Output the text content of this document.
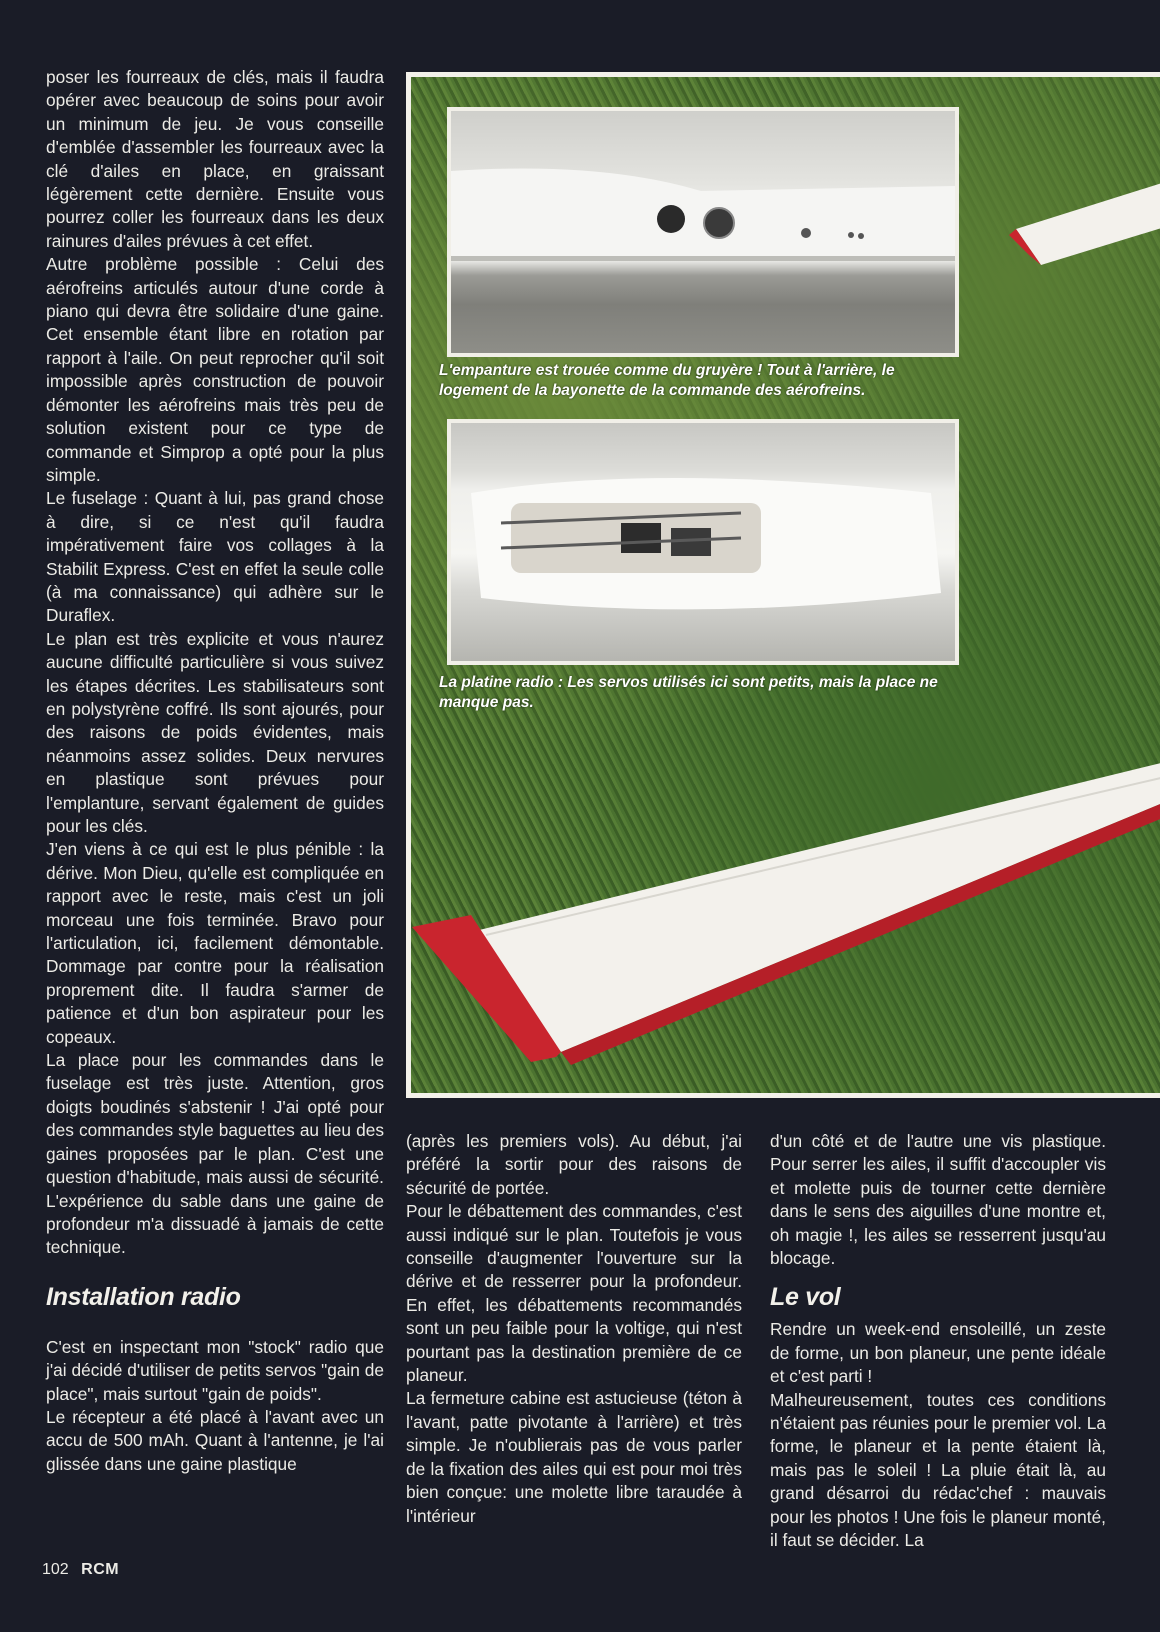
poser les fourreaux de clés, mais il faudra opérer avec beaucoup de soins pour avoir un minimum de jeu. Je vous conseille d'emblée d'assembler les fourreaux avec la clé d'ailes en place, en graissant légèrement cette dernière. Ensuite vous pourrez coller les fourreaux dans les deux rainures d'ailes prévues à cet effet.

Autre problème possible : Celui des aérofreins articulés autour d'une corde à piano qui devra être solidaire d'une gaine. Cet ensemble étant libre en rotation par rapport à l'aile. On peut reprocher qu'il soit impossible après construction de pouvoir démonter les aérofreins mais très peu de solution existent pour ce type de commande et Simprop a opté pour la plus simple.

Le fuselage : Quant à lui, pas grand chose à dire, si ce n'est qu'il faudra impérativement faire vos collages à la Stabilit Express. C'est en effet la seule colle (à ma connaissance) qui adhère sur le Duraflex.

Le plan est très explicite et vous n'aurez aucune difficulté particulière si vous suivez les étapes décrites. Les stabilisateurs sont en polystyrène coffré. Ils sont ajourés, pour des raisons de poids évidentes, mais néanmoins assez solides. Deux nervures en plastique sont prévues pour l'emplanture, servant également de guides pour les clés.

J'en viens à ce qui est le plus pénible : la dérive. Mon Dieu, qu'elle est compliquée en rapport avec le reste, mais c'est un joli morceau une fois terminée. Bravo pour l'articulation, ici, facilement démontable. Dommage par contre pour la réalisation proprement dite. Il faudra s'armer de patience et d'un bon aspirateur pour les copeaux.

La place pour les commandes dans le fuselage est très juste. Attention, gros doigts boudinés s'abstenir ! J'ai opté pour des commandes style baguettes au lieu des gaines proposées par le plan. C'est une question d'habitude, mais aussi de sécurité. L'expérience du sable dans une gaine de profondeur m'a dissuadé à jamais de cette technique.

Installation radio

C'est en inspectant mon "stock" radio que j'ai décidé d'utiliser de petits servos "gain de place", mais surtout "gain de poids".

Le récepteur a été placé à l'avant avec un accu de 500 mAh. Quant à l'antenne, je l'ai glissée dans une gaine plastique

L'empanture est trouée comme du gruyère ! Tout à l'arrière, le logement de la bayonette de la commande des aérofreins.
La platine radio : Les servos utilisés ici sont petits, mais la place ne manque pas.

(après les premiers vols). Au début, j'ai préféré la sortir pour des raisons de sécurité de portée.

Pour le débattement des commandes, c'est aussi indiqué sur le plan. Toutefois je vous conseille d'augmenter l'ouverture sur la dérive et de resserrer pour la profondeur. En effet, les débattements recommandés sont un peu faible pour la voltige, qui n'est pourtant pas la destination première de ce planeur.

La fermeture cabine est astucieuse (téton à l'avant, patte pivotante à l'arrière) et très simple. Je n'oublierais pas de vous parler de la fixation des ailes qui est pour moi très bien conçue: une molette libre taraudée à l'intérieur

d'un côté et de l'autre une vis plastique. Pour serrer les ailes, il suffit d'accoupler vis et molette puis de tourner cette dernière dans le sens des aiguilles d'une montre et, oh magie !, les ailes se resserrent jusqu'au blocage.

Le vol

Rendre un week-end ensoleillé, un zeste de forme, un bon planeur, une pente idéale et c'est parti !

Malheureusement, toutes ces conditions n'étaient pas réunies pour le premier vol. La forme, le planeur et la pente étaient là, mais pas le soleil ! La pluie était là, au grand désarroi du rédac'chef : mauvais pour les photos ! Une fois le planeur monté, il faut se décider. La

102 RCM
